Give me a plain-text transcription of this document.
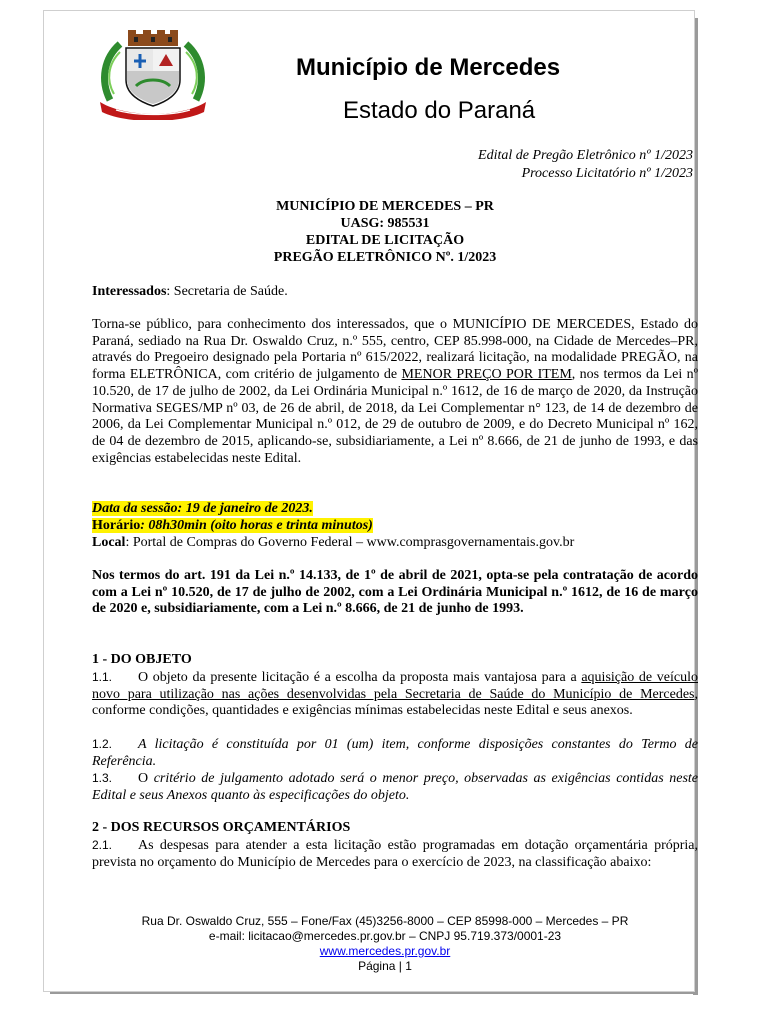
Município de Mercedes
Estado do Paraná
Edital de Pregão Eletrônico nº 1/2023
Processo Licitatório nº 1/2023
MUNICÍPIO DE MERCEDES – PR
UASG: 985531
EDITAL DE LICITAÇÃO
PREGÃO ELETRÔNICO Nº. 1/2023
Interessados: Secretaria de Saúde.
Torna-se público, para conhecimento dos interessados, que o MUNICÍPIO DE MERCEDES, Estado do Paraná, sediado na Rua Dr. Oswaldo Cruz, n.º 555, centro, CEP 85.998-000, na Cidade de Mercedes–PR, através do Pregoeiro designado pela Portaria nº 615/2022, realizará licitação, na modalidade PREGÃO, na forma ELETRÔNICA, com critério de julgamento de MENOR PREÇO POR ITEM, nos termos da Lei nº 10.520, de 17 de julho de 2002, da Lei Ordinária Municipal n.º 1612, de 16 de março de 2020, da Instrução Normativa SEGES/MP nº 03, de 26 de abril, de 2018, da Lei Complementar n° 123, de 14 de dezembro de 2006, da Lei Complementar Municipal n.º 012, de 29 de outubro de 2009, e do Decreto Municipal nº 162, de 04 de dezembro de 2015, aplicando-se, subsidiariamente, a Lei nº 8.666, de 21 de junho de 1993, e das exigências estabelecidas neste Edital.
Data da sessão: 19 de janeiro de 2023.
Horário: 08h30min (oito horas e trinta minutos)
Local: Portal de Compras do Governo Federal – www.comprasgovernamentais.gov.br
Nos termos do art. 191 da Lei n.º 14.133, de 1º de abril de 2021, opta-se pela contratação de acordo com a Lei nº 10.520, de 17 de julho de 2002, com a Lei Ordinária Municipal n.º 1612, de 16 de março de 2020 e, subsidiariamente, com a Lei n.º 8.666, de 21 de junho de 1993.
1 - DO OBJETO
1.1. O objeto da presente licitação é a escolha da proposta mais vantajosa para a aquisição de veículo novo para utilização nas ações desenvolvidas pela Secretaria de Saúde do Município de Mercedes, conforme condições, quantidades e exigências mínimas estabelecidas neste Edital e seus anexos.
1.2. A licitação é constituída por 01 (um) item, conforme disposições constantes do Termo de Referência.
1.3. O critério de julgamento adotado será o menor preço, observadas as exigências contidas neste Edital e seus Anexos quanto às especificações do objeto.
2 - DOS RECURSOS ORÇAMENTÁRIOS
2.1. As despesas para atender a esta licitação estão programadas em dotação orçamentária própria, prevista no orçamento do Município de Mercedes para o exercício de 2023, na classificação abaixo:
Rua Dr. Oswaldo Cruz, 555 – Fone/Fax (45)3256-8000 – CEP 85998-000 – Mercedes – PR
e-mail: licitacao@mercedes.pr.gov.br – CNPJ 95.719.373/0001-23
www.mercedes.pr.gov.br
Página | 1
